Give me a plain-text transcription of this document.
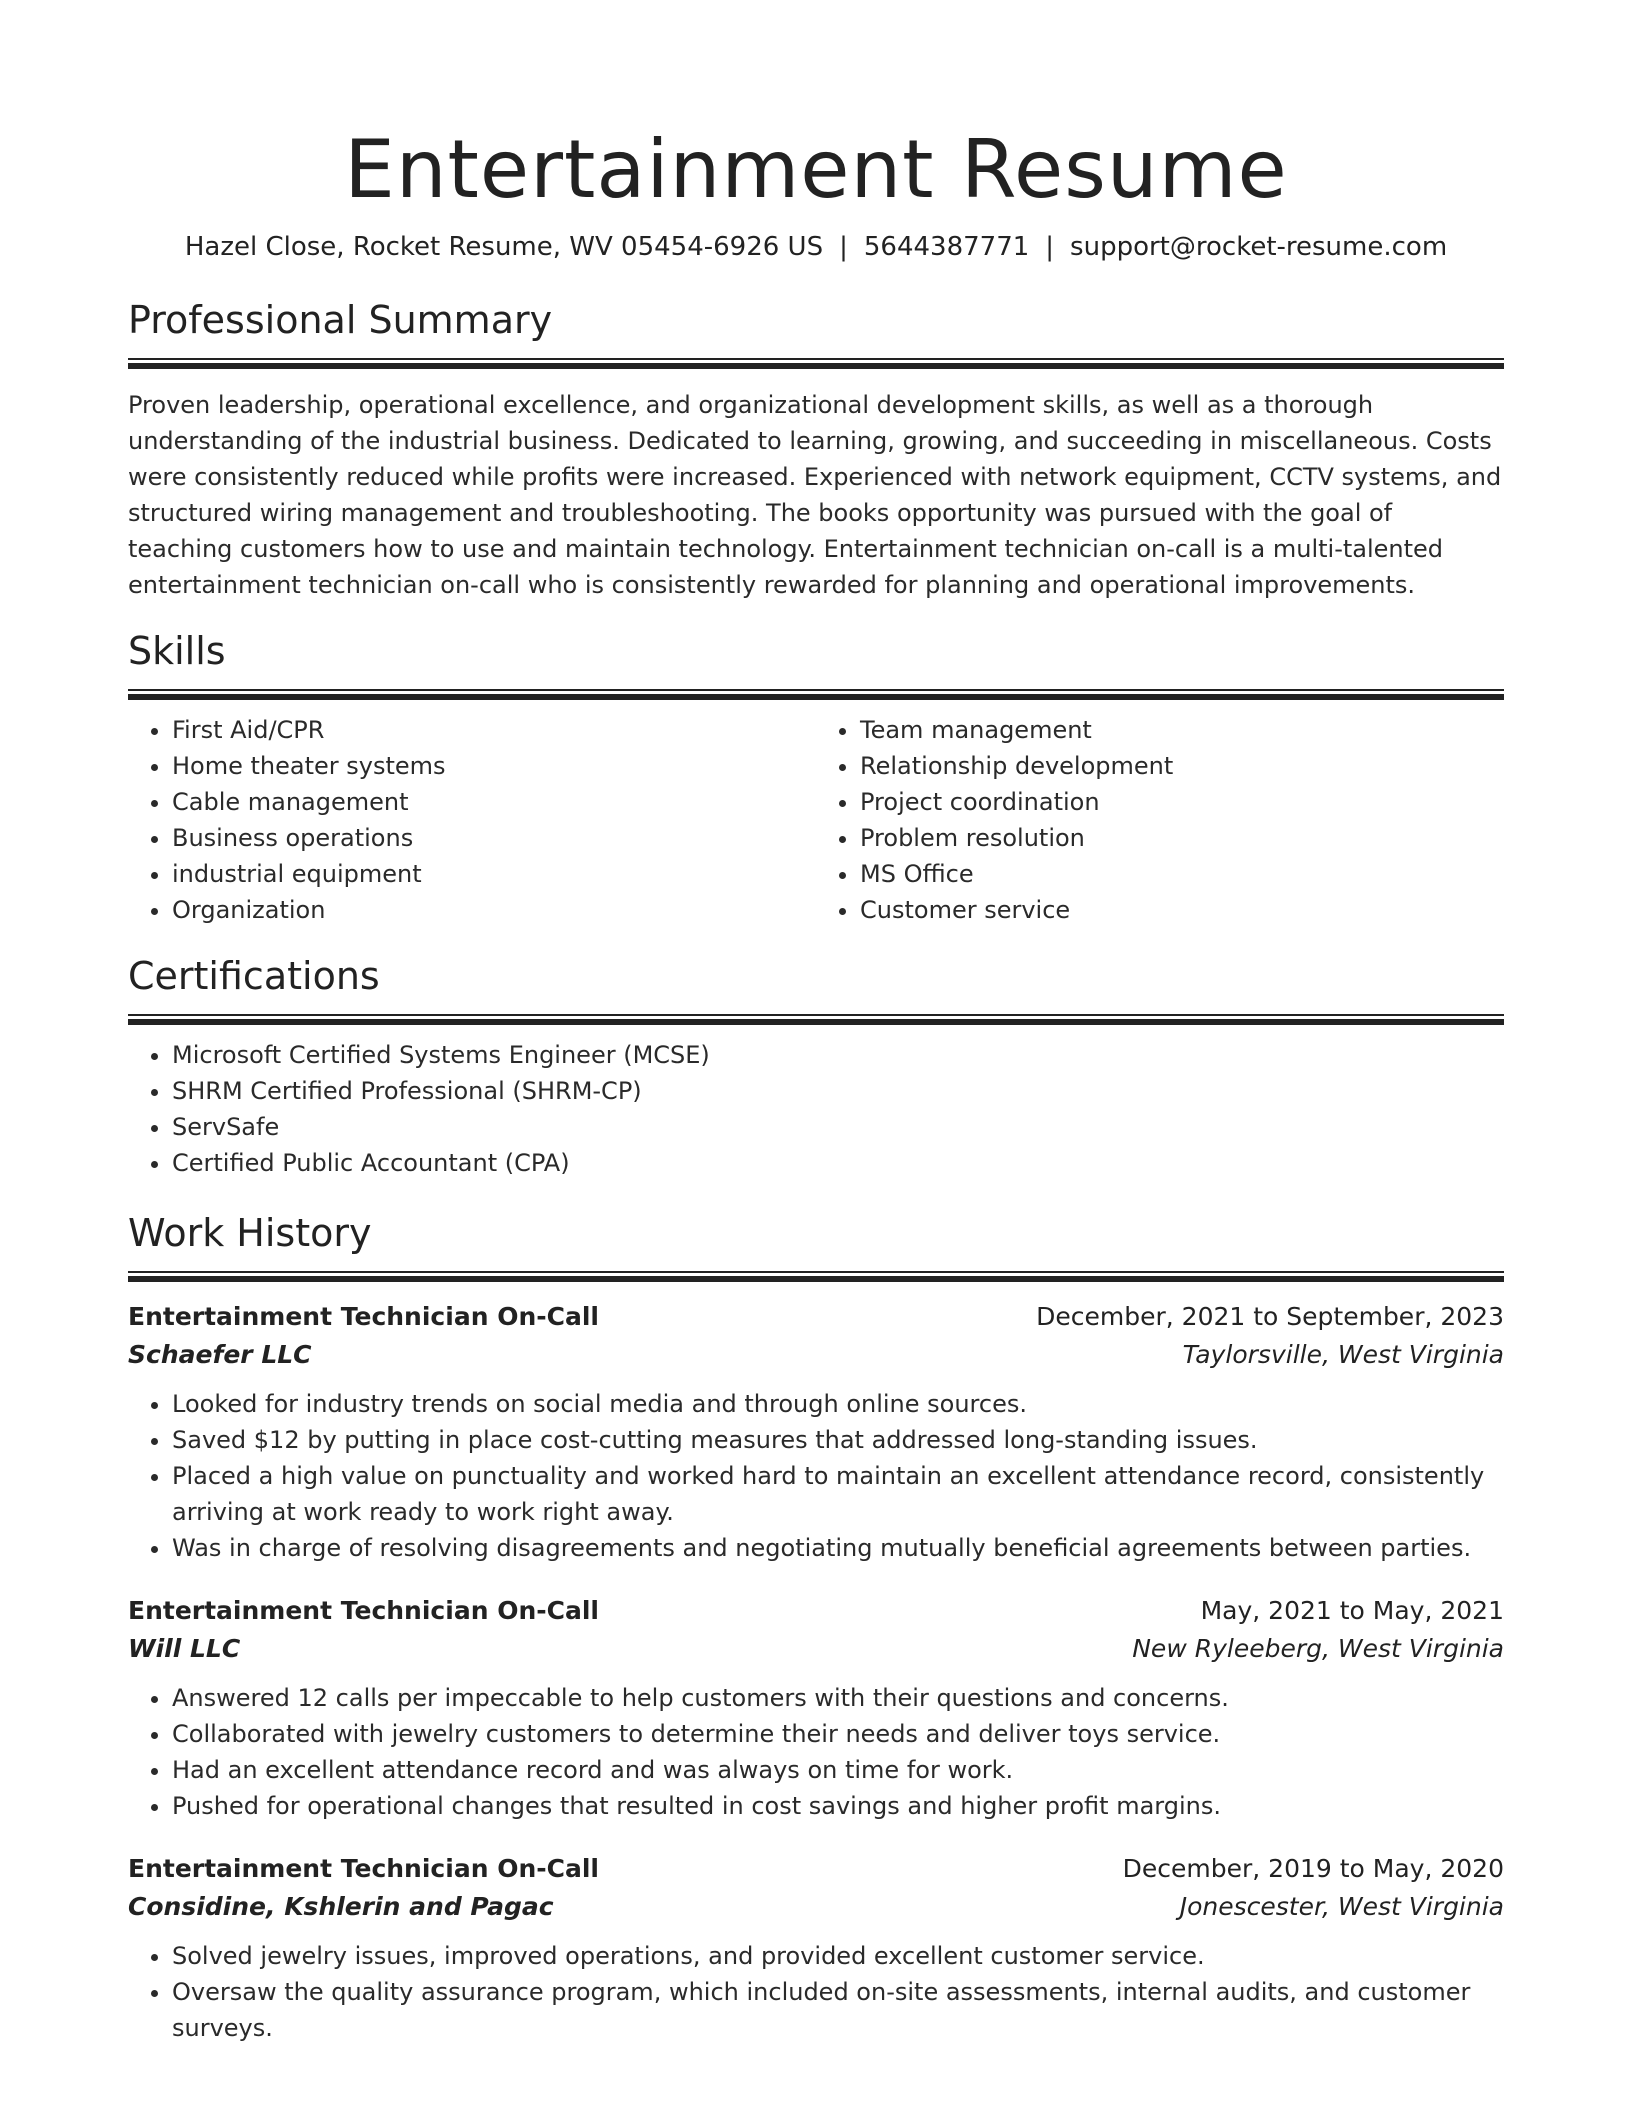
Entertainment Resume
Hazel Close, Rocket Resume, WV 05454-6926 US | 5644387771 | support@rocket-resume.com
Professional Summary

Proven leadership, operational excellence, and organizational development skills, as well as a thorough understanding of the industrial business. Dedicated to learning, growing, and succeeding in miscellaneous. Costs were consistently reduced while profits were increased. Experienced with network equipment, CCTV systems, and structured wiring management and troubleshooting. The books opportunity was pursued with the goal of teaching customers how to use and maintain technology. Entertainment technician on-call is a multi-talented entertainment technician on-call who is consistently rewarded for planning and operational improvements.

Skills
• First Aid/CPR
• Home theater systems
• Cable management
• Business operations
• industrial equipment
• Organization
• Team management
• Relationship development
• Project coordination
• Problem resolution
• MS Office
• Customer service
Certifications
• Microsoft Certified Systems Engineer (MCSE)
• SHRM Certified Professional (SHRM-CP)
• ServSafe
• Certified Public Accountant (CPA)
Work History
Entertainment Technician On-Call	December, 2021 to September, 2023
Schaefer LLC	Taylorsville, West Virginia
• Looked for industry trends on social media and through online sources.
• Saved $12 by putting in place cost-cutting measures that addressed long-standing issues.
• Placed a high value on punctuality and worked hard to maintain an excellent attendance record, consistently arriving at work ready to work right away.
• Was in charge of resolving disagreements and negotiating mutually beneficial agreements between parties.
Entertainment Technician On-Call	May, 2021 to May, 2021
Will LLC	New Ryleeberg, West Virginia
• Answered 12 calls per impeccable to help customers with their questions and concerns.
• Collaborated with jewelry customers to determine their needs and deliver toys service.
• Had an excellent attendance record and was always on time for work.
• Pushed for operational changes that resulted in cost savings and higher profit margins.
Entertainment Technician On-Call	December, 2019 to May, 2020
Considine, Kshlerin and Pagac	Jonescester, West Virginia
• Solved jewelry issues, improved operations, and provided excellent customer service.
• Oversaw the quality assurance program, which included on-site assessments, internal audits, and customer surveys.
